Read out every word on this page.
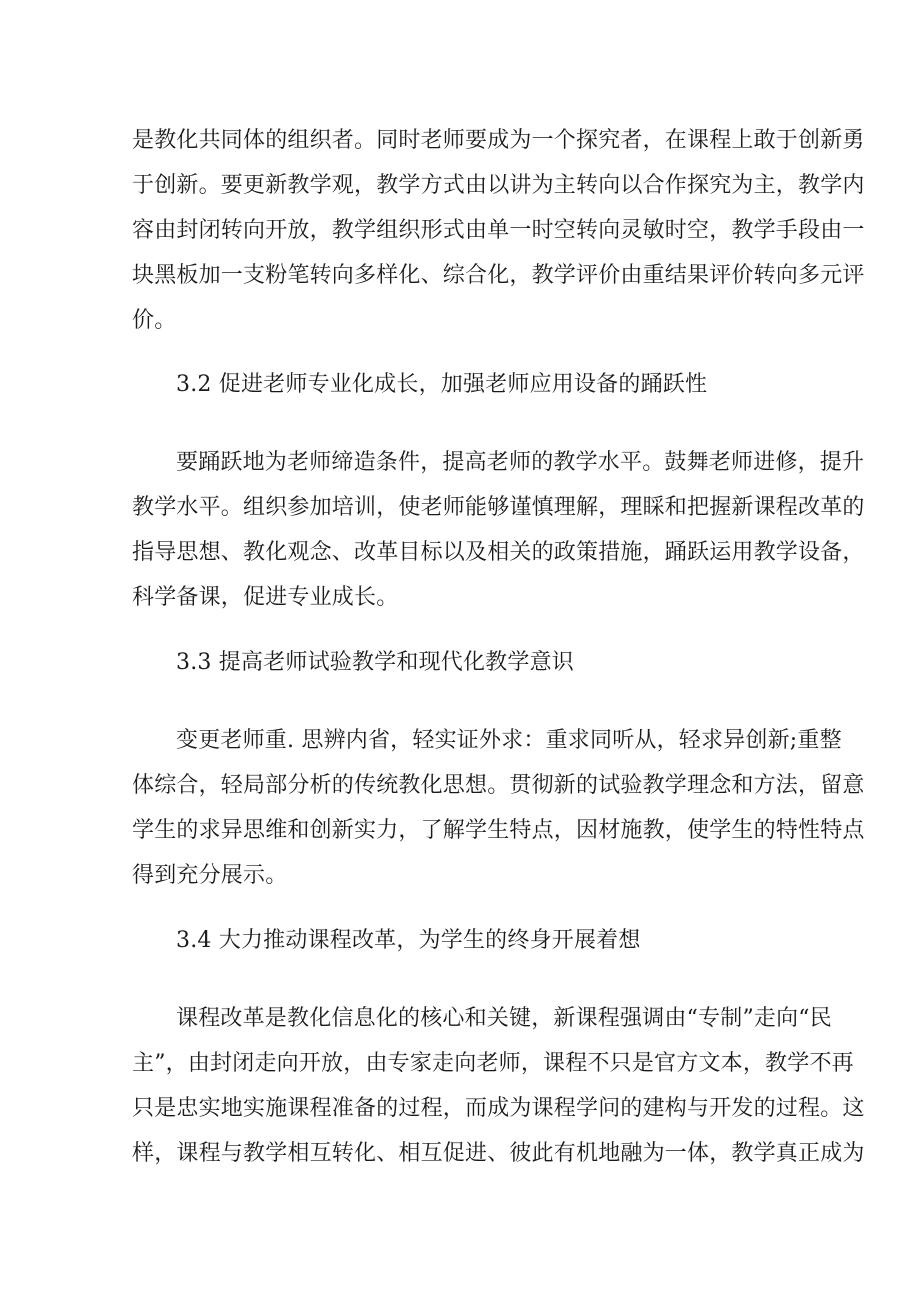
是教化共同体的组织者。同时老师要成为一个探究者，在课程上敢于创新勇
于创新。要更新教学观，教学方式由以讲为主转向以合作探究为主，教学内
容由封闭转向开放，教学组织形式由单一时空转向灵敏时空，教学手段由一
块黑板加一支粉笔转向多样化、综合化，教学评价由重结果评价转向多元评
价。
3.2 促进老师专业化成长，加强老师应用设备的踊跃性
要踊跃地为老师缔造条件，提高老师的教学水平。鼓舞老师进修，提升
教学水平。组织参加培训，使老师能够谨慎理解，理睬和把握新课程改革的
指导思想、教化观念、改革目标以及相关的政策措施，踊跃运用教学设备，
科学备课，促进专业成长。
3.3 提高老师试验教学和现代化教学意识
变更老师重. 思辨内省，轻实证外求：重求同听从，轻求异创新;重整
体综合，轻局部分析的传统教化思想。贯彻新的试验教学理念和方法，留意
学生的求异思维和创新实力，了解学生特点，因材施教，使学生的特性特点
得到充分展示。
3.4 大力推动课程改革，为学生的终身开展着想
课程改革是教化信息化的核心和关键，新课程强调由“专制”走向“民
主”，由封闭走向开放，由专家走向老师，课程不只是官方文本，教学不再
只是忠实地实施课程准备的过程，而成为课程学问的建构与开发的过程。这
样，课程与教学相互转化、相互促进、彼此有机地融为一体，教学真正成为
